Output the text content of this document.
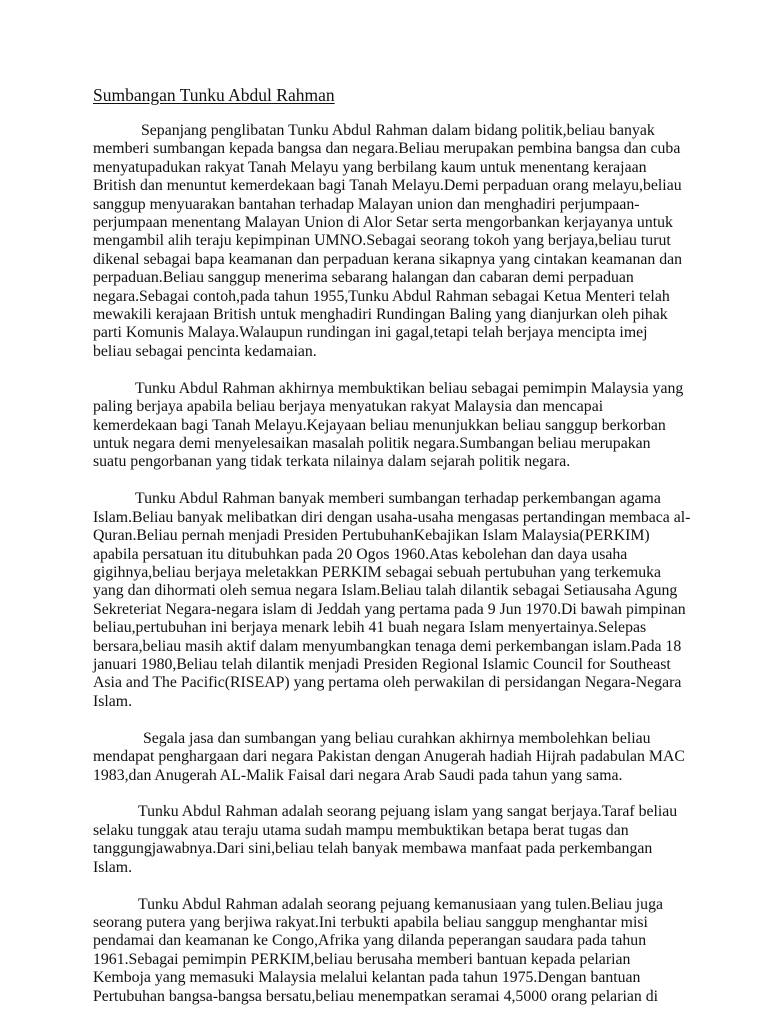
Sumbangan Tunku Abdul Rahman
Sepanjang penglibatan Tunku Abdul Rahman dalam bidang politik,beliau banyak
memberi sumbangan kepada bangsa dan negara.Beliau merupakan pembina bangsa dan cuba
menyatupadukan rakyat Tanah Melayu yang berbilang kaum untuk menentang kerajaan
British dan menuntut kemerdekaan bagi Tanah Melayu.Demi perpaduan orang melayu,beliau
sanggup menyuarakan bantahan terhadap Malayan union dan menghadiri perjumpaan-
perjumpaan menentang Malayan Union di Alor Setar serta mengorbankan kerjayanya untuk
mengambil alih teraju kepimpinan UMNO.Sebagai seorang tokoh yang berjaya,beliau turut
dikenal sebagai bapa keamanan dan perpaduan kerana sikapnya yang cintakan keamanan dan
perpaduan.Beliau sanggup menerima sebarang halangan dan cabaran demi perpaduan
negara.Sebagai contoh,pada tahun 1955,Tunku Abdul Rahman sebagai Ketua Menteri telah
mewakili kerajaan British untuk menghadiri Rundingan Baling yang dianjurkan oleh pihak
parti Komunis Malaya.Walaupun rundingan ini gagal,tetapi telah berjaya mencipta imej
beliau sebagai pencinta kedamaian.
Tunku Abdul Rahman akhirnya membuktikan beliau sebagai pemimpin Malaysia yang
paling berjaya apabila beliau berjaya menyatukan rakyat Malaysia dan mencapai
kemerdekaan bagi Tanah Melayu.Kejayaan beliau menunjukkan beliau sanggup berkorban
untuk negara demi menyelesaikan masalah politik negara.Sumbangan beliau merupakan
suatu pengorbanan yang tidak terkata nilainya dalam sejarah politik negara.
Tunku Abdul Rahman banyak memberi sumbangan terhadap perkembangan agama
Islam.Beliau banyak melibatkan diri dengan usaha-usaha mengasas pertandingan membaca al-
Quran.Beliau pernah menjadi Presiden PertubuhanKebajikan Islam Malaysia(PERKIM)
apabila persatuan itu ditubuhkan pada 20 Ogos 1960.Atas kebolehan dan daya usaha
gigihnya,beliau berjaya meletakkan PERKIM sebagai sebuah pertubuhan yang terkemuka
yang dan dihormati oleh semua negara Islam.Beliau talah dilantik sebagai Setiausaha Agung
Sekreteriat Negara-negara islam di Jeddah yang pertama pada 9 Jun 1970.Di bawah pimpinan
beliau,pertubuhan ini berjaya menark lebih 41 buah negara Islam menyertainya.Selepas
bersara,beliau masih aktif dalam menyumbangkan tenaga demi perkembangan islam.Pada 18
januari 1980,Beliau telah dilantik menjadi Presiden Regional Islamic Council for Southeast
Asia and The Pacific(RISEAP) yang pertama oleh perwakilan di persidangan Negara-Negara
Islam.
Segala jasa dan sumbangan yang beliau curahkan akhirnya membolehkan beliau
mendapat penghargaan dari negara Pakistan dengan Anugerah hadiah Hijrah padabulan MAC
1983,dan Anugerah AL-Malik Faisal dari negara Arab Saudi pada tahun yang sama.
Tunku Abdul Rahman adalah seorang pejuang islam yang sangat berjaya.Taraf beliau
selaku tunggak atau teraju utama sudah mampu membuktikan betapa berat tugas dan
tanggungjawabnya.Dari sini,beliau telah banyak membawa manfaat pada perkembangan
Islam.
Tunku Abdul Rahman adalah seorang pejuang kemanusiaan yang tulen.Beliau juga
seorang putera yang berjiwa rakyat.Ini terbukti apabila beliau sanggup menghantar misi
pendamai dan keamanan ke Congo,Afrika yang dilanda peperangan saudara pada tahun
1961.Sebagai pemimpin PERKIM,beliau berusaha memberi bantuan kepada pelarian
Kemboja yang memasuki Malaysia melalui kelantan pada tahun 1975.Dengan bantuan
Pertubuhan bangsa-bangsa bersatu,beliau menempatkan seramai 4,5000 orang pelarian di
